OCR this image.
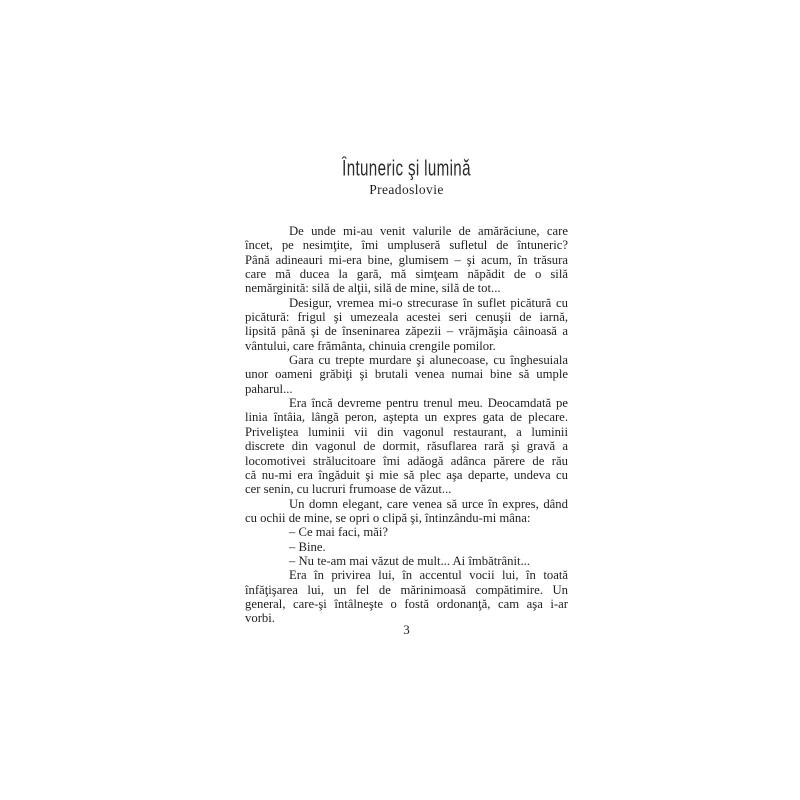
Întuneric şi lumină
Preadoslovie

De unde mi-au venit valurile de amărăciune, care
încet, pe nesimţite, îmi umpluseră sufletul de întuneric?
Până adineauri mi-era bine, glumisem – şi acum, în trăsura
care mă ducea la gară, mă simţeam năpădit de o silă
nemărginită: silă de alţii, silă de mine, silă de tot...

Desigur, vremea mi-o strecurase în suflet picătură cu
picătură: frigul şi umezeala acestei seri cenuşii de iarnă,
lipsită până şi de înseninarea zăpezii – vrăjmăşia câinoasă a
vântului, care frământa, chinuia crengile pomilor.

Gara cu trepte murdare şi alunecoase, cu înghesuiala
unor oameni grăbiţi şi brutali venea numai bine să umple
paharul...

Era încă devreme pentru trenul meu. Deocamdată pe
linia întâia, lângă peron, aştepta un expres gata de plecare.
Priveliştea luminii vii din vagonul restaurant, a luminii
discrete din vagonul de dormit, răsuflarea rară şi gravă a
locomotivei strălucitoare îmi adăogă adânca părere de rău
că nu-mi era îngăduit şi mie să plec aşa departe, undeva cu
cer senin, cu lucruri frumoase de văzut...

Un domn elegant, care venea să urce în expres, dând
cu ochii de mine, se opri o clipă şi, întinzându-mi mâna:

– Ce mai faci, măi?

– Bine.

– Nu te-am mai văzut de mult... Ai îmbătrânit...

Era în privirea lui, în accentul vocii lui, în toată
înfăţişarea lui, un fel de mărinimoasă compătimire. Un
general, care-şi întâlneşte o fostă ordonanţă, cam aşa i-ar
vorbi.

3
